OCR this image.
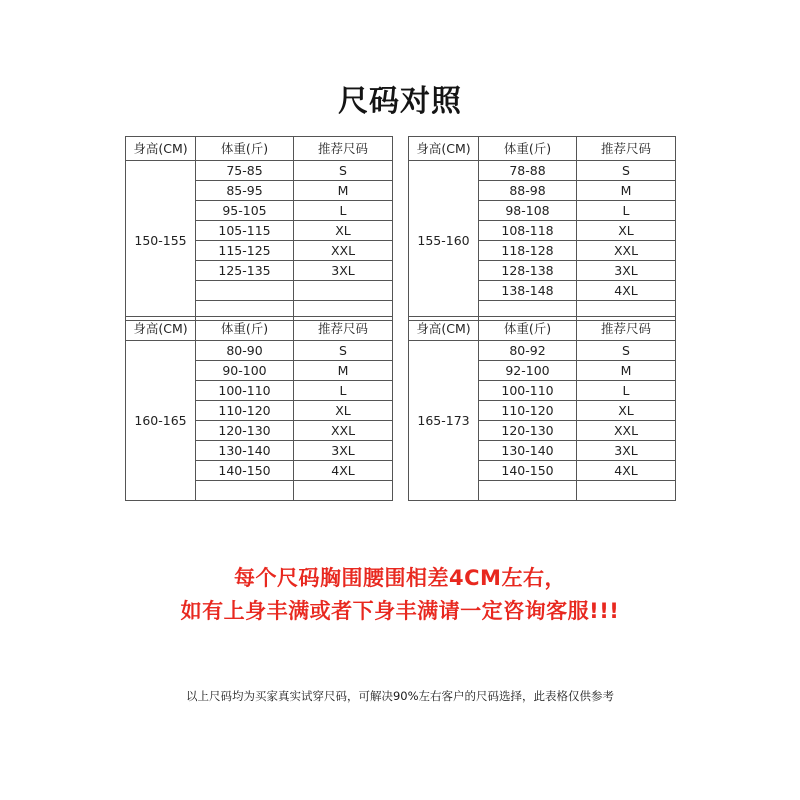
尺码对照
身高(CM)	体重(斤)	推荐尺码
150-155	75-85	S
	85-95	M
	95-105	L
	105-115	XL
	115-125	XXL
	125-135	3XL

身高(CM)	体重(斤)	推荐尺码
155-160	78-88	S
	88-98	M
	98-108	L
	108-118	XL
	118-128	XXL
	128-138	3XL
	138-148	4XL

身高(CM)	体重(斤)	推荐尺码
160-165	80-90	S
	90-100	M
	100-110	L
	110-120	XL
	120-130	XXL
	130-140	3XL
	140-150	4XL

身高(CM)	体重(斤)	推荐尺码
165-173	80-92	S
	92-100	M
	100-110	L
	110-120	XL
	120-130	XXL
	130-140	3XL
	140-150	4XL

每个尺码胸围腰围相差4CM左右，
如有上身丰满或者下身丰满请一定咨询客服!!!
以上尺码均为买家真实试穿尺码，可解决90%左右客户的尺码选择，此表格仅供参考
